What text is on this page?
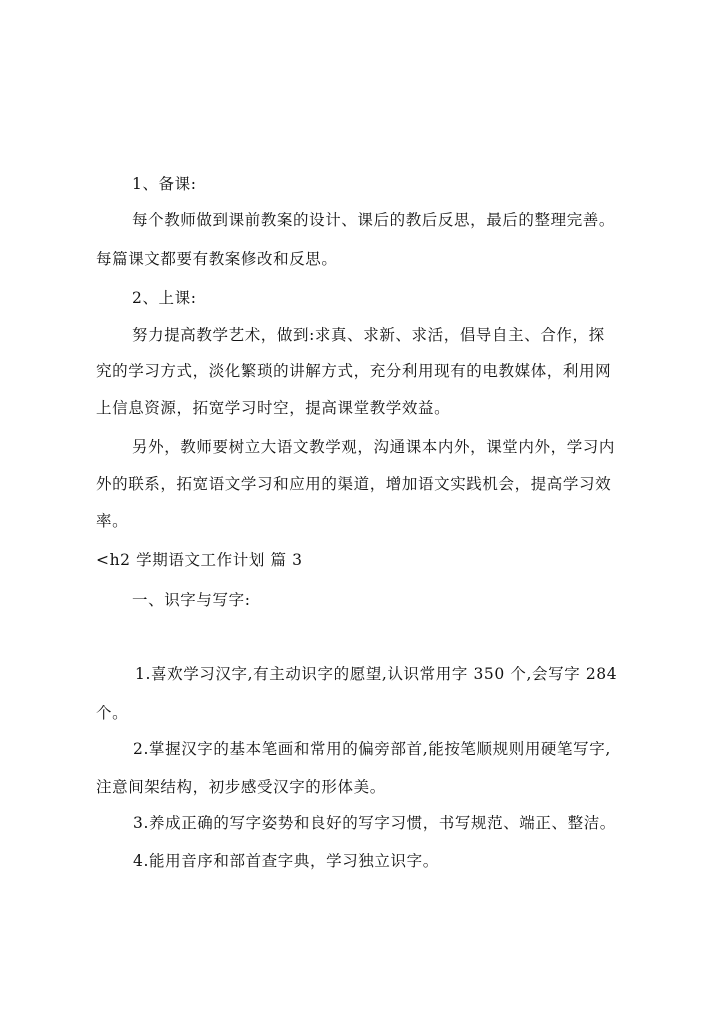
1、备课:
每个教师做到课前教案的设计、课后的教后反思，最后的整理完善。
每篇课文都要有教案修改和反思。
2、上课:
努力提高教学艺术，做到:求真、求新、求活，倡导自主、合作，探
究的学习方式，淡化繁琐的讲解方式，充分利用现有的电教媒体，利用网
上信息资源，拓宽学习时空，提高课堂教学效益。
另外，教师要树立大语文教学观，沟通课本内外，课堂内外，学习内
外的联系，拓宽语文学习和应用的渠道，增加语文实践机会，提高学习效
率。
<h2 学期语文工作计划 篇 3
一、识字与写字:
1.喜欢学习汉字,有主动识字的愿望,认识常用字 350 个,会写字 284
个。
2.掌握汉字的基本笔画和常用的偏旁部首,能按笔顺规则用硬笔写字,
注意间架结构，初步感受汉字的形体美。
3.养成正确的写字姿势和良好的写字习惯，书写规范、端正、整洁。
4.能用音序和部首查字典，学习独立识字。
